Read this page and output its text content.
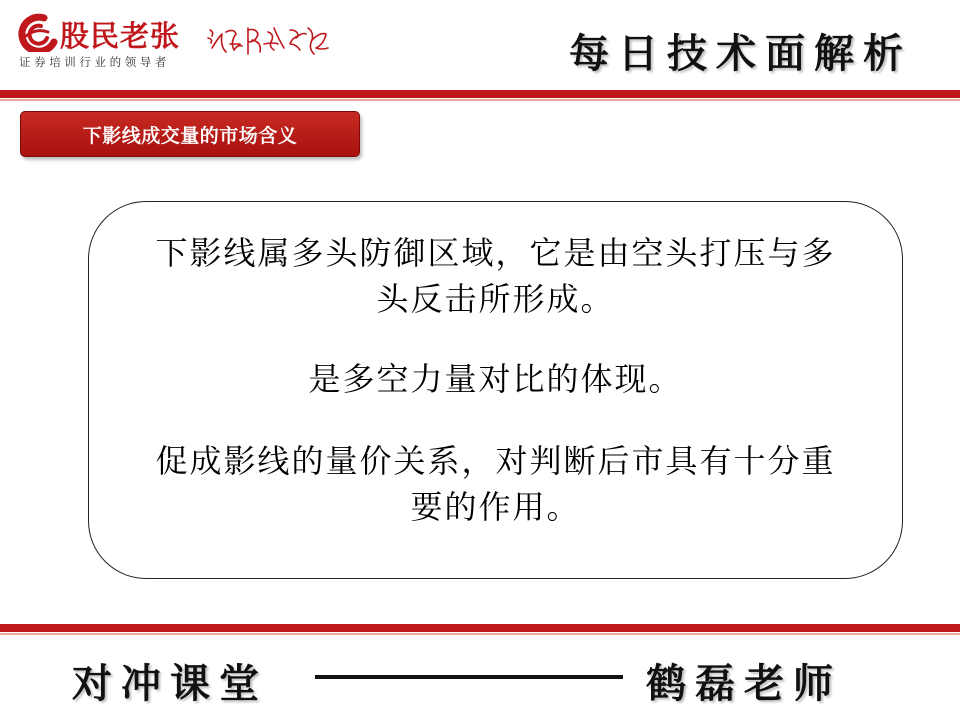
股民老张
证券培训行业的领导者	每日技术面解析
下影线成交量的市场含义
下影线属多头防御区域，它是由空头打压与多
头反击所形成。
是多空力量对比的体现。
促成影线的量价关系，对判断后市具有十分重
要的作用。
对冲课堂	鹤磊老师
